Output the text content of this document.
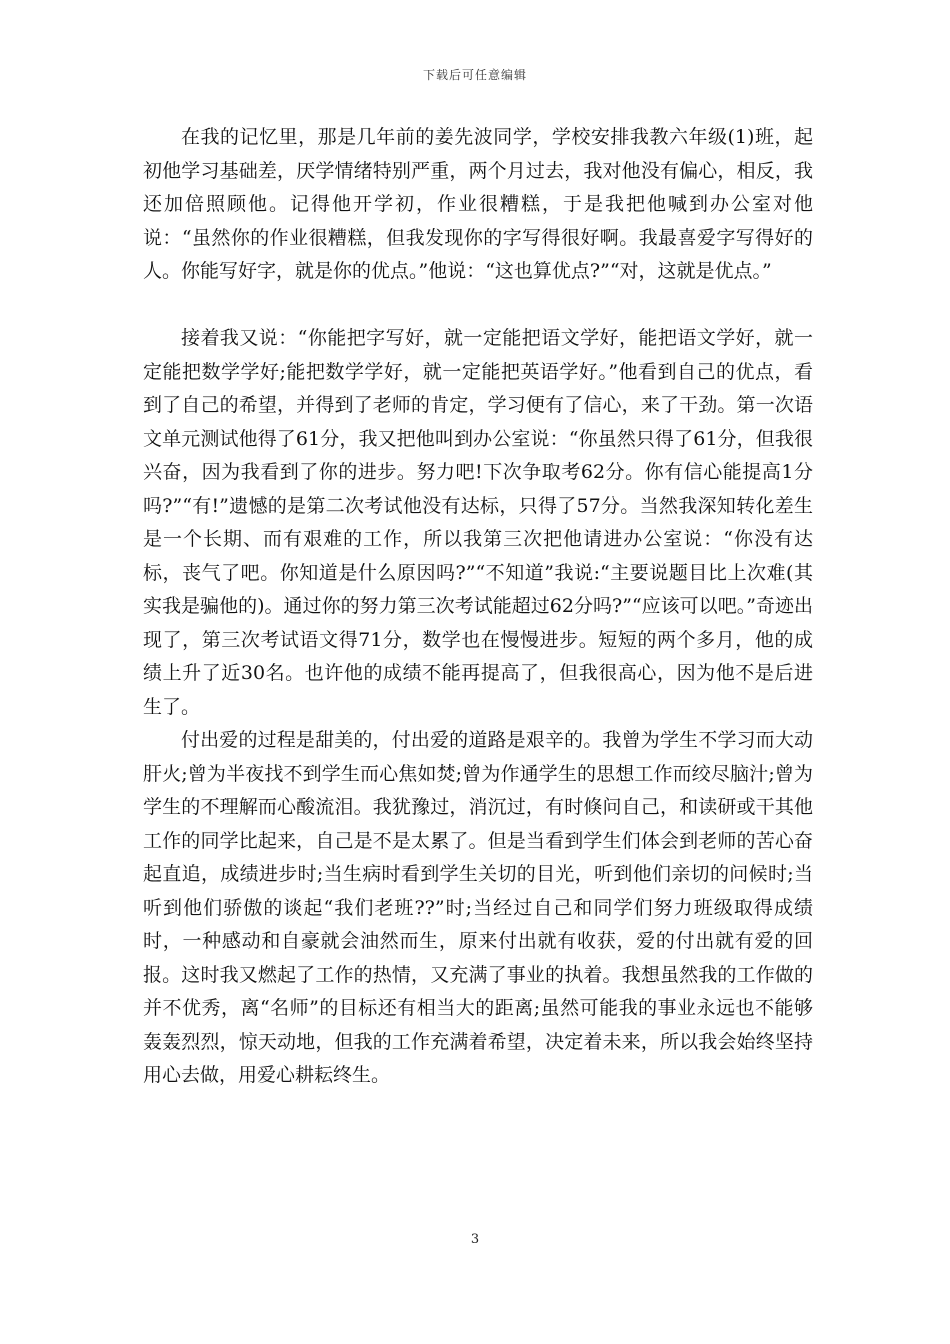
下载后可任意编辑

在我的记忆里，那是几年前的姜先波同学，学校安排我教六年级(1)班，起初他学习基础差，厌学情绪特别严重，两个月过去，我对他没有偏心，相反，我还加倍照顾他。记得他开学初，作业很糟糕，于是我把他喊到办公室对他说：“虽然你的作业很糟糕，但我发现你的字写得很好啊。我最喜爱字写得好的人。你能写好字，就是你的优点。”他说：“这也算优点?”“对，这就是优点。”

接着我又说：“你能把字写好，就一定能把语文学好，能把语文学好，就一定能把数学学好;能把数学学好，就一定能把英语学好。”他看到自己的优点，看到了自己的希望，并得到了老师的肯定，学习便有了信心，来了干劲。第一次语文单元测试他得了61分，我又把他叫到办公室说：“你虽然只得了61分，但我很兴奋，因为我看到了你的进步。努力吧!下次争取考62分。你有信心能提高1分吗?”“有!”遗憾的是第二次考试他没有达标，只得了57分。当然我深知转化差生是一个长期、而有艰难的工作，所以我第三次把他请进办公室说：“你没有达标，丧气了吧。你知道是什么原因吗?”“不知道”我说:“主要说题目比上次难(其实我是骗他的)。通过你的努力第三次考试能超过62分吗?”“应该可以吧。”奇迹出现了，第三次考试语文得71分，数学也在慢慢进步。短短的两个多月，他的成绩上升了近30名。也许他的成绩不能再提高了，但我很高心，因为他不是后进生了。

付出爱的过程是甜美的，付出爱的道路是艰辛的。我曾为学生不学习而大动肝火;曾为半夜找不到学生而心焦如焚;曾为作通学生的思想工作而绞尽脑汁;曾为学生的不理解而心酸流泪。我犹豫过，消沉过，有时倏问自己，和读研或干其他工作的同学比起来，自己是不是太累了。但是当看到学生们体会到老师的苦心奋起直追，成绩进步时;当生病时看到学生关切的目光，听到他们亲切的问候时;当听到他们骄傲的谈起“我们老班??”时;当经过自己和同学们努力班级取得成绩时，一种感动和自豪就会油然而生，原来付出就有收获，爱的付出就有爱的回报。这时我又燃起了工作的热情，又充满了事业的执着。我想虽然我的工作做的并不优秀，离“名师”的目标还有相当大的距离;虽然可能我的事业永远也不能够轰轰烈烈，惊天动地，但我的工作充满着希望，决定着未来，所以我会始终坚持用心去做，用爱心耕耘终生。

3
